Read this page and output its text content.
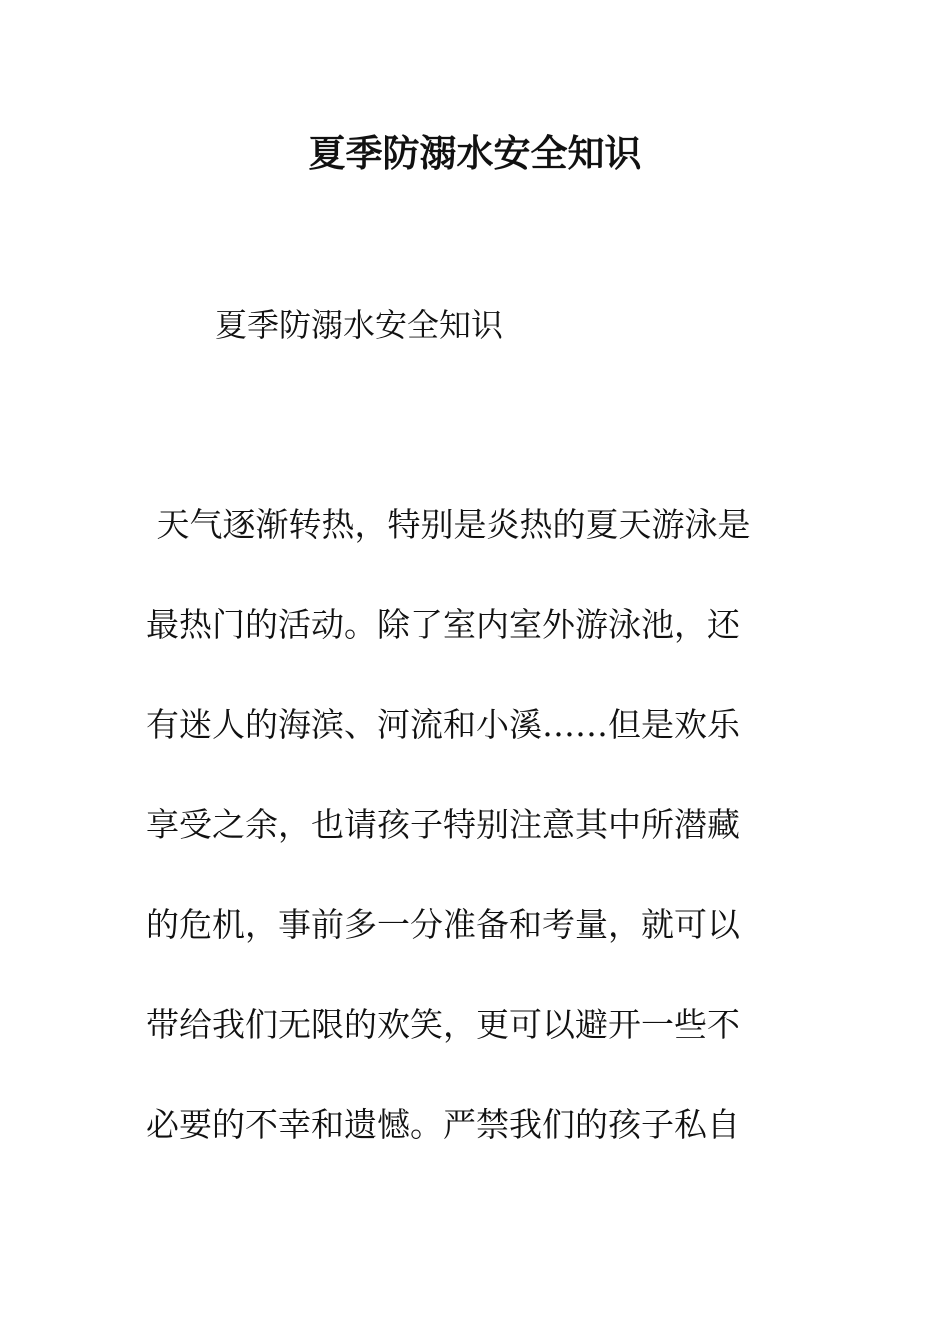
夏季防溺水安全知识

夏季防溺水安全知识

天气逐渐转热，特别是炎热的夏天游泳是
最热门的活动。除了室内室外游泳池，还
有迷人的海滨、河流和小溪……但是欢乐
享受之余，也请孩子特别注意其中所潜藏
的危机，事前多一分准备和考量，就可以
带给我们无限的欢笑，更可以避开一些不
必要的不幸和遗憾。严禁我们的孩子私自
